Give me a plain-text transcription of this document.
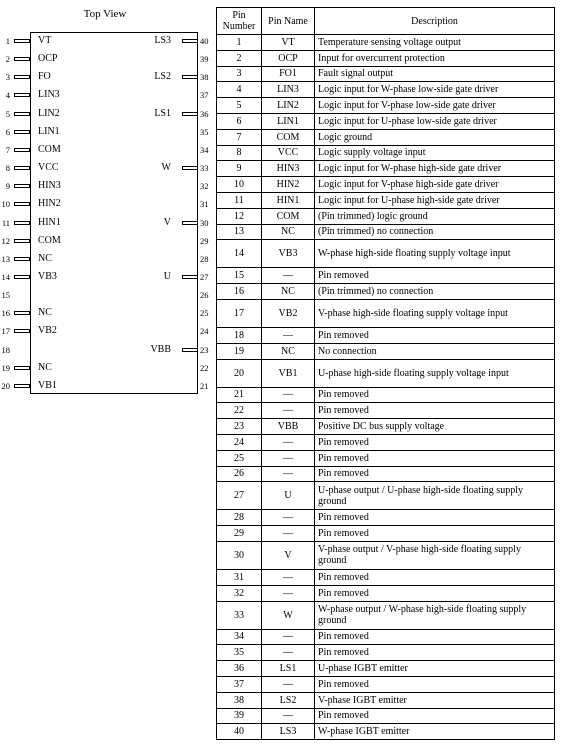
Top View
1	VT
2	OCP
3	FO
4	LIN3
5	LIN2
6	LIN1
7	COM
8	VCC
9	HIN3
10	HIN2
11	HIN1
12	COM
13	NC
14	VB3
15
16	NC
17	VB2
18
19	NC
20	VB1
40
LS3
39
38
LS2
37
36
LS1
35
34
33
W
32
31
30
V
29
28
27
U
26
25
24
23
VBB
22
21
Pin Number	Pin Name	Description
1	VT	Temperature sensing voltage output
2	OCP	Input for overcurrent protection
3	FO1	Fault signal output
4	LIN3	Logic input for W-phase low-side gate driver
5	LIN2	Logic input for V-phase low-side gate driver
6	LIN1	Logic input for U-phase low-side gate driver
7	COM	Logic ground
8	VCC	Logic supply voltage input
9	HIN3	Logic input for W-phase high-side gate driver
10	HIN2	Logic input for V-phase high-side gate driver
11	HIN1	Logic input for U-phase high-side gate driver
12	COM	(Pin trimmed) logic ground
13	NC	(Pin trimmed) no connection
14	VB3	W-phase high-side floating supply voltage input
15	—	Pin removed
16	NC	(Pin trimmed) no connection
17	VB2	V-phase high-side floating supply voltage input
18	—	Pin removed
19	NC	No connection
20	VB1	U-phase high-side floating supply voltage input
21	—	Pin removed
22	—	Pin removed
23	VBB	Positive DC bus supply voltage
24	—	Pin removed
25	—	Pin removed
26	—	Pin removed
27	U	U-phase output / U-phase high-side floating supply ground
28	—	Pin removed
29	—	Pin removed
30	V	V-phase output / V-phase high-side floating supply ground
31	—	Pin removed
32	—	Pin removed
33	W	W-phase output / W-phase high-side floating supply ground
34	—	Pin removed
35	—	Pin removed
36	LS1	U-phase IGBT emitter
37	—	Pin removed
38	LS2	V-phase IGBT emitter
39	—	Pin removed
40	LS3	W-phase IGBT emitter
